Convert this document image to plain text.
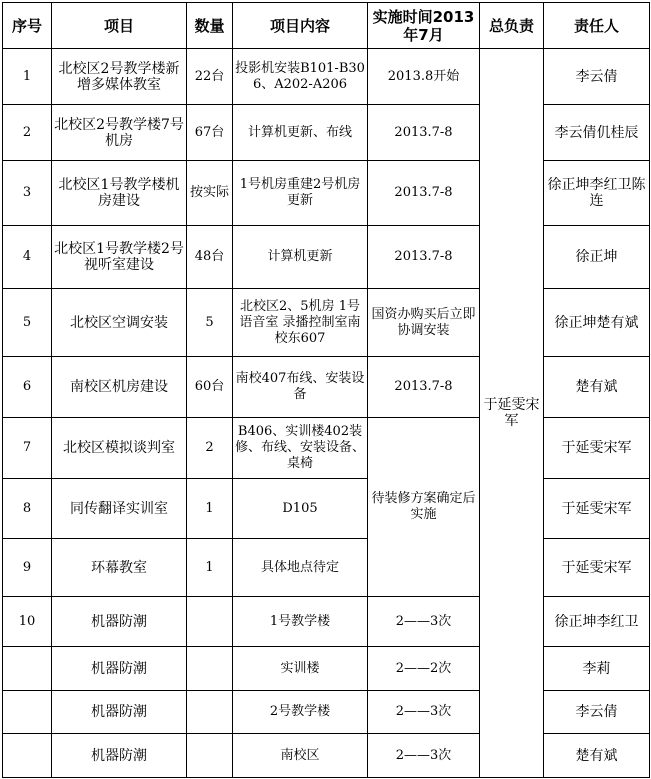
序号	项目	数量	项目内容	实施时间2013年7月	总负责	责任人
1	北校区2号教学楼新增多媒体教室	22台	投影机安装B101-B306、A202-A206	2013.8开始	于延雯宋军	李云倩
2	北校区2号教学楼7号机房	67台	计算机更新、布线	2013.7-8		李云倩仉桂辰
3	北校区1号教学楼机房建设	按实际	1号机房重建2号机房更新	2013.7-8		徐正坤李红卫陈连
4	北校区1号教学楼2号视听室建设	48台	计算机更新	2013.7-8		徐正坤
5	北校区空调安装	5	北校区2、5机房 1号语音室 录播控制室南校东607	国资办购买后立即协调安装		徐正坤楚有斌
6	南校区机房建设	60台	南校407布线、安装设备	2013.7-8		楚有斌
7	北校区模拟谈判室	2	B406、实训楼402装修、布线、安装设备、桌椅	待装修方案确定后实施		于延雯宋军
8	同传翻译实训室	1	D105			于延雯宋军
9	环幕教室	1	具体地点待定			于延雯宋军
10	机器防潮		1号教学楼	2——3次		徐正坤李红卫
	机器防潮		实训楼	2——2次		李莉
	机器防潮		2号教学楼	2——3次		李云倩
	机器防潮		南校区	2——3次		楚有斌
